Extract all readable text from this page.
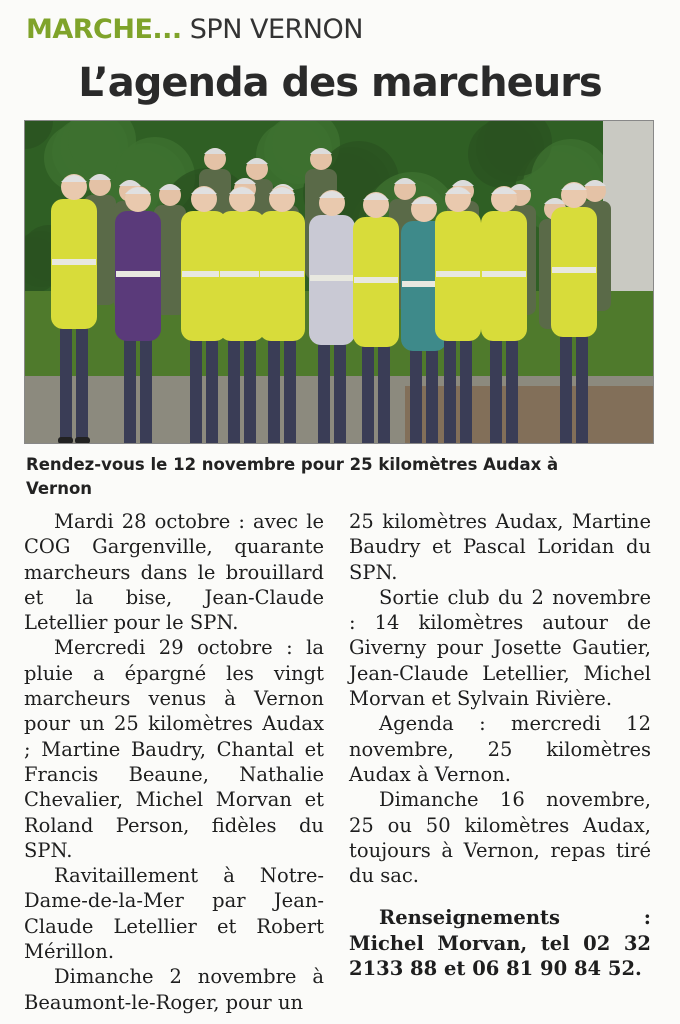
MARCHE... SPN VERNON
L’agenda des marcheurs
Rendez-vous le 12 novembre pour 25 kilomètres Audax à Vernon

Mardi 28 octobre : avec le COG Gargenville, quarante marcheurs dans le brouillard et la bise, Jean-Claude Letellier pour le SPN.

Mercredi 29 octobre : la pluie a épargné les vingt marcheurs venus à Vernon pour un 25 kilomètres Audax ; Martine Baudry, Chantal et Francis Beaune, Nathalie Chevalier, Michel Morvan et Roland Person, fidèles du SPN.

Ravitaillement à Notre-Dame-de-la-Mer par Jean-Claude Letellier et Robert Mérillon.

Dimanche 2 novembre à Beaumont-le-Roger, pour un

25 kilomètres Audax, Martine Baudry et Pascal Loridan du SPN.

Sortie club du 2 novembre : 14 kilomètres autour de Giverny pour Josette Gautier, Jean-Claude Letellier, Michel Morvan et Sylvain Rivière.

Agenda : mercredi 12 novembre, 25 kilomètres Audax à Vernon.

Dimanche 16 novembre, 25 ou 50 kilomètres Audax, toujours à Vernon, repas tiré du sac.

Renseignements : Michel Morvan, tel 02 32 2133 88 et 06 81 90 84 52.
